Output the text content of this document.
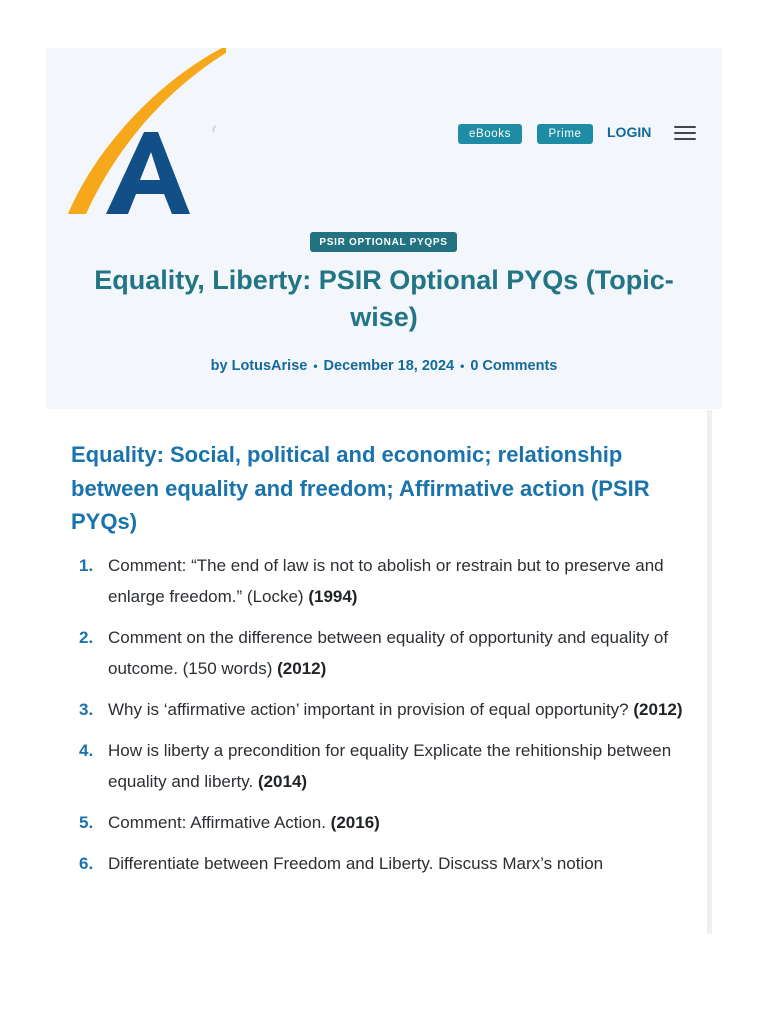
eBooks	Prime	LOGIN
PSIR OPTIONAL PYQPS
Equality, Liberty: PSIR Optional PYQs (Topic-wise)
by LotusArise • December 18, 2024 • 0 Comments
Equality: Social, political and economic; relationship between equality and freedom; Affirmative action (PSIR PYQs)
1. Comment: “The end of law is not to abolish or restrain but to preserve and enlarge freedom.” (Locke) (1994)
2. Comment on the difference between equality of opportunity and equality of outcome. (150 words) (2012)
3. Why is ‘affirmative action’ important in provision of equal opportunity? (2012)
4. How is liberty a precondition for equality Explicate the rehitionship between equality and liberty. (2014)
5. Comment: Affirmative Action. (2016)
6. Differentiate between Freedom and Liberty. Discuss Marx’s notion
